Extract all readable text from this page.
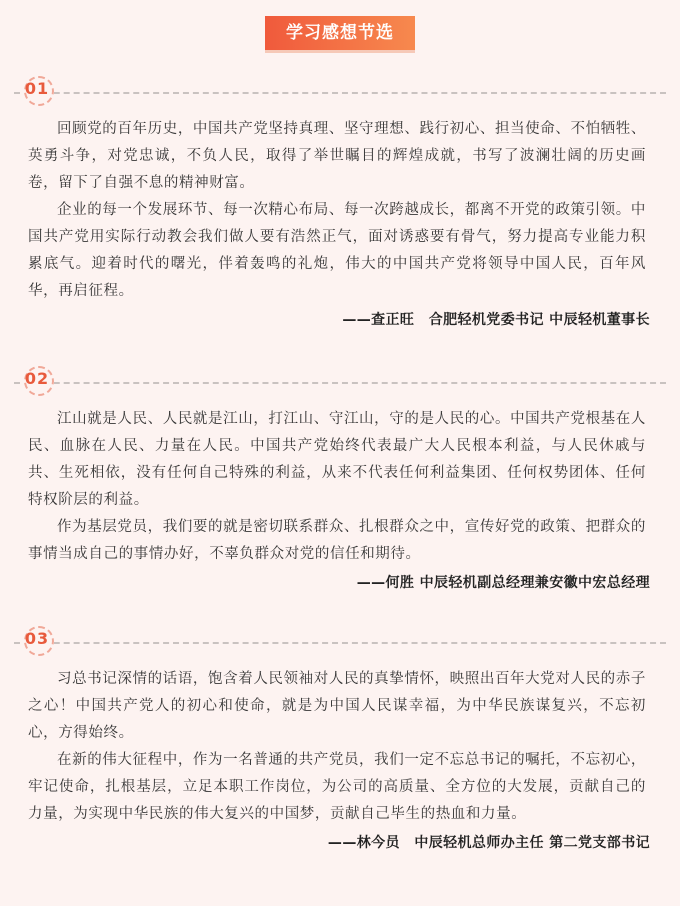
学习感想节选
01

回顾党的百年历史，中国共产党坚持真理、坚守理想、践行初心、担当使命、不怕牺牲、英勇斗争，对党忠诚，不负人民，取得了举世瞩目的辉煌成就，书写了波澜壮阔的历史画卷，留下了自强不息的精神财富。

企业的每一个发展环节、每一次精心布局、每一次跨越成长，都离不开党的政策引领。中国共产党用实际行动教会我们做人要有浩然正气，面对诱惑要有骨气，努力提高专业能力积累底气。迎着时代的曙光，伴着轰鸣的礼炮，伟大的中国共产党将领导中国人民，百年风华，再启征程。

——查正旺　合肥轻机党委书记 中辰轻机董事长
02

江山就是人民、人民就是江山，打江山、守江山，守的是人民的心。中国共产党根基在人民、血脉在人民、力量在人民。中国共产党始终代表最广大人民根本利益，与人民休戚与共、生死相依，没有任何自己特殊的利益，从来不代表任何利益集团、任何权势团体、任何特权阶层的利益。

作为基层党员，我们要的就是密切联系群众、扎根群众之中，宣传好党的政策、把群众的事情当成自己的事情办好，不辜负群众对党的信任和期待。

——何胜 中辰轻机副总经理兼安徽中宏总经理
03

习总书记深情的话语，饱含着人民领袖对人民的真挚情怀，映照出百年大党对人民的赤子之心！中国共产党人的初心和使命，就是为中国人民谋幸福，为中华民族谋复兴，不忘初心，方得始终。

在新的伟大征程中，作为一名普通的共产党员，我们一定不忘总书记的嘱托，不忘初心，牢记使命，扎根基层，立足本职工作岗位，为公司的高质量、全方位的大发展，贡献自己的力量，为实现中华民族的伟大复兴的中国梦，贡献自己毕生的热血和力量。

——林今员　中辰轻机总师办主任 第二党支部书记
